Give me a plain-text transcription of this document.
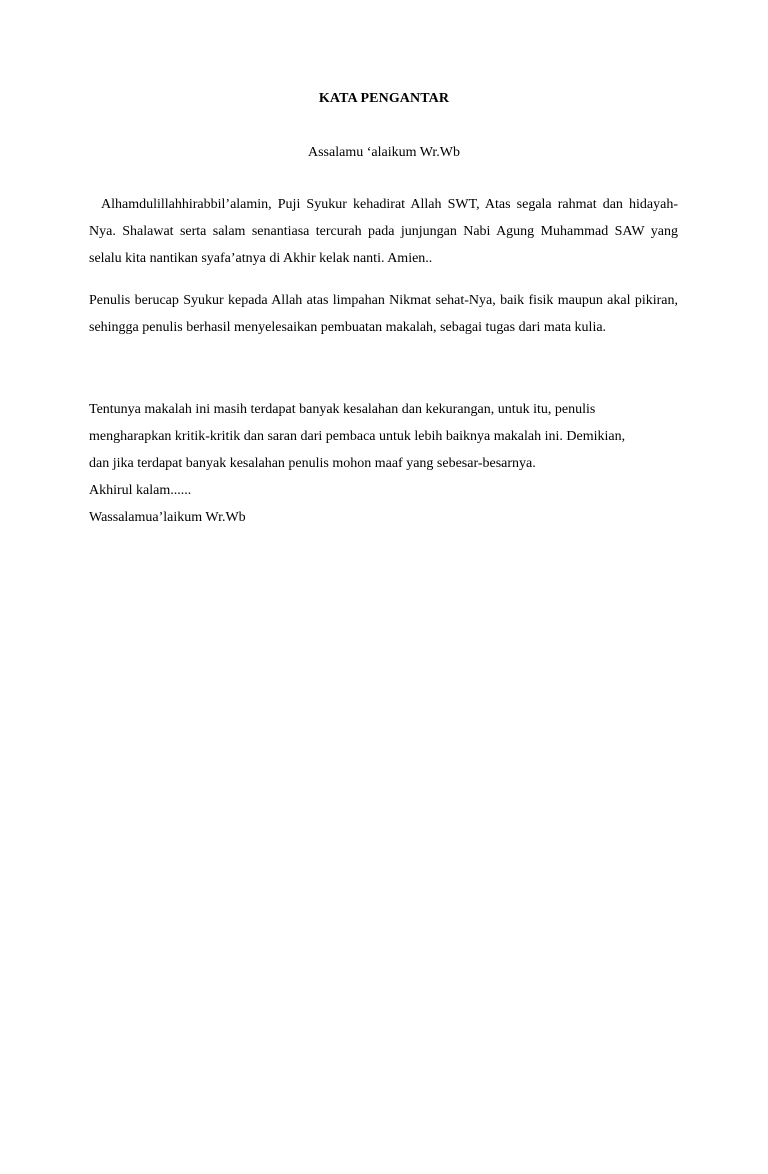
KATA PENGANTAR
Assalamu ‘alaikum Wr.Wb

Alhamdulillahhirabbil’alamin, Puji Syukur kehadirat Allah SWT, Atas segala rahmat dan hidayah-Nya. Shalawat serta salam senantiasa tercurah pada junjungan Nabi Agung Muhammad SAW yang selalu kita nantikan syafa’atnya di Akhir kelak nanti. Amien..

Penulis berucap Syukur kepada Allah atas limpahan Nikmat sehat-Nya, baik fisik maupun akal pikiran, sehingga penulis berhasil menyelesaikan pembuatan makalah, sebagai tugas dari mata kulia.

Tentunya makalah ini masih terdapat banyak kesalahan dan kekurangan, untuk itu, penulis
mengharapkan kritik-kritik dan saran dari pembaca untuk lebih baiknya makalah ini. Demikian,
dan jika terdapat banyak kesalahan penulis mohon maaf yang sebesar-besarnya.
Akhirul kalam......
Wassalamua’laikum Wr.Wb
